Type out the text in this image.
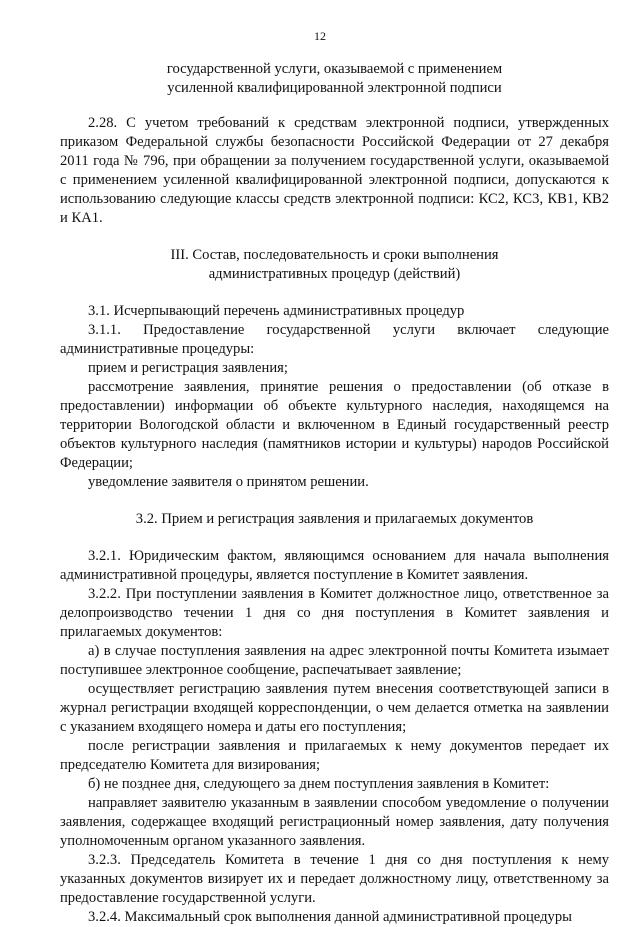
12
государственной услуги, оказываемой с применением
усиленной квалифицированной электронной подписи

2.28. С учетом требований к средствам электронной подписи, утвержденных приказом Федеральной службы безопасности Российской Федерации от 27 декабря 2011 года № 796, при обращении за получением государственной услуги, оказываемой с применением усиленной квалифицированной электронной подписи, допускаются к использованию следующие классы средств электронной подписи: КС2, КС3, КВ1, КВ2 и КА1.

III. Состав, последовательность и сроки выполнения
административных процедур (действий)

3.1. Исчерпывающий перечень административных процедур

3.1.1. Предоставление государственной услуги включает следующие административные процедуры:

прием и регистрация заявления;

рассмотрение заявления, принятие решения о предоставлении (об отказе в предоставлении) информации об объекте культурного наследия, находящемся на территории Вологодской области и включенном в Единый государственный реестр объектов культурного наследия (памятников истории и культуры) народов Российской Федерации;

уведомление заявителя о принятом решении.

3.2. Прием и регистрация заявления и прилагаемых документов

3.2.1. Юридическим фактом, являющимся основанием для начала выполнения административной процедуры, является поступление в Комитет заявления.

3.2.2. При поступлении заявления в Комитет должностное лицо, ответственное за делопроизводство течении 1 дня со дня поступления в Комитет заявления и прилагаемых документов:

а) в случае поступления заявления на адрес электронной почты Комитета изымает поступившее электронное сообщение, распечатывает заявление;

осуществляет регистрацию заявления путем внесения соответствующей записи в журнал регистрации входящей корреспонденции, о чем делается отметка на заявлении с указанием входящего номера и даты его поступления;

после регистрации заявления и прилагаемых к нему документов передает их председателю Комитета для визирования;

б) не позднее дня, следующего за днем поступления заявления в Комитет:

направляет заявителю указанным в заявлении способом уведомление о получении заявления, содержащее входящий регистрационный номер заявления, дату получения уполномоченным органом указанного заявления.

3.2.3. Председатель Комитета в течение 1 дня со дня поступления к нему указанных документов визирует их и передает должностному лицу, ответственному за предоставление государственной услуги.

3.2.4. Максимальный срок выполнения данной административной процедуры
